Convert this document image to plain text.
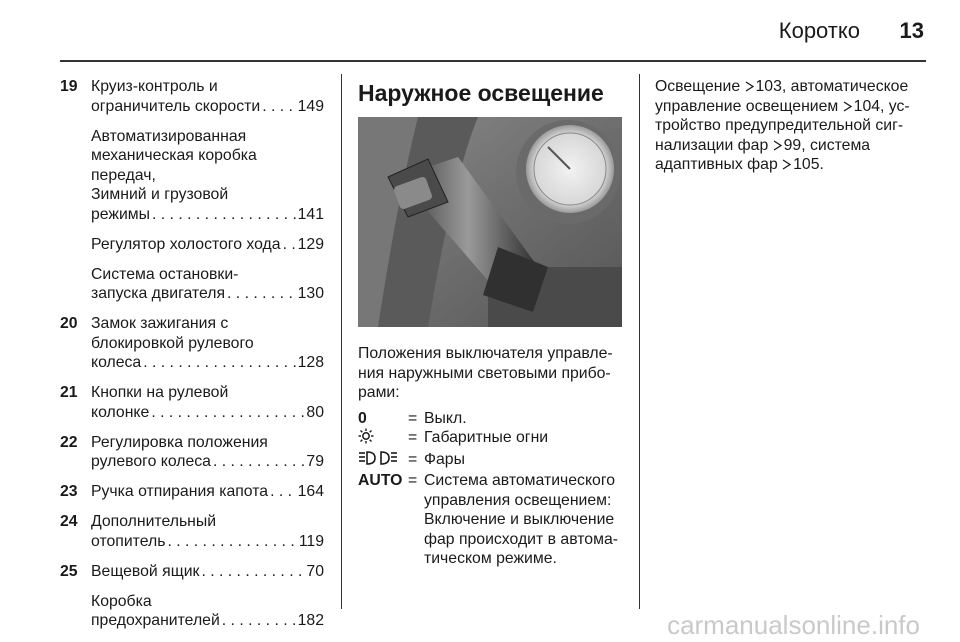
Коротко	13
19 Круиз-контроль и
ограничитель скорости . . . 149
Автоматизированная
механическая коробка
передач,
Зимний и грузовой
режимы . . .	141
Регулятор холостого хода . . . 129
Система остановки-
запуска двигателя . . .	130
20 Замок зажигания с
блокировкой рулевого
колеса . . .	128
21 Кнопки на рулевой
колонке . . .	80
22 Регулировка положения
рулевого колеса . . .	79
23 Ручка отпирания капота . . . 164
24 Дополнительный
отопитель . . .	119
25 Вещевой ящик . . .	70
Коробка
предохранителей . . .	182
Наружное освещение
Положения выключателя управле-ния наружными световыми прибо-рами:
0	= Выкл.
= Габаритные огни
= Фары
AUTO = Система автоматического управления освещением: Включение и выключение фар происходит в автома-тическом режиме.

Освещение 103, автоматическое

управление освещением 104, ус-

тройство предупредительной сиг-

нализации фар 99, система

адаптивных фар 105.

carmanualsonline.info
